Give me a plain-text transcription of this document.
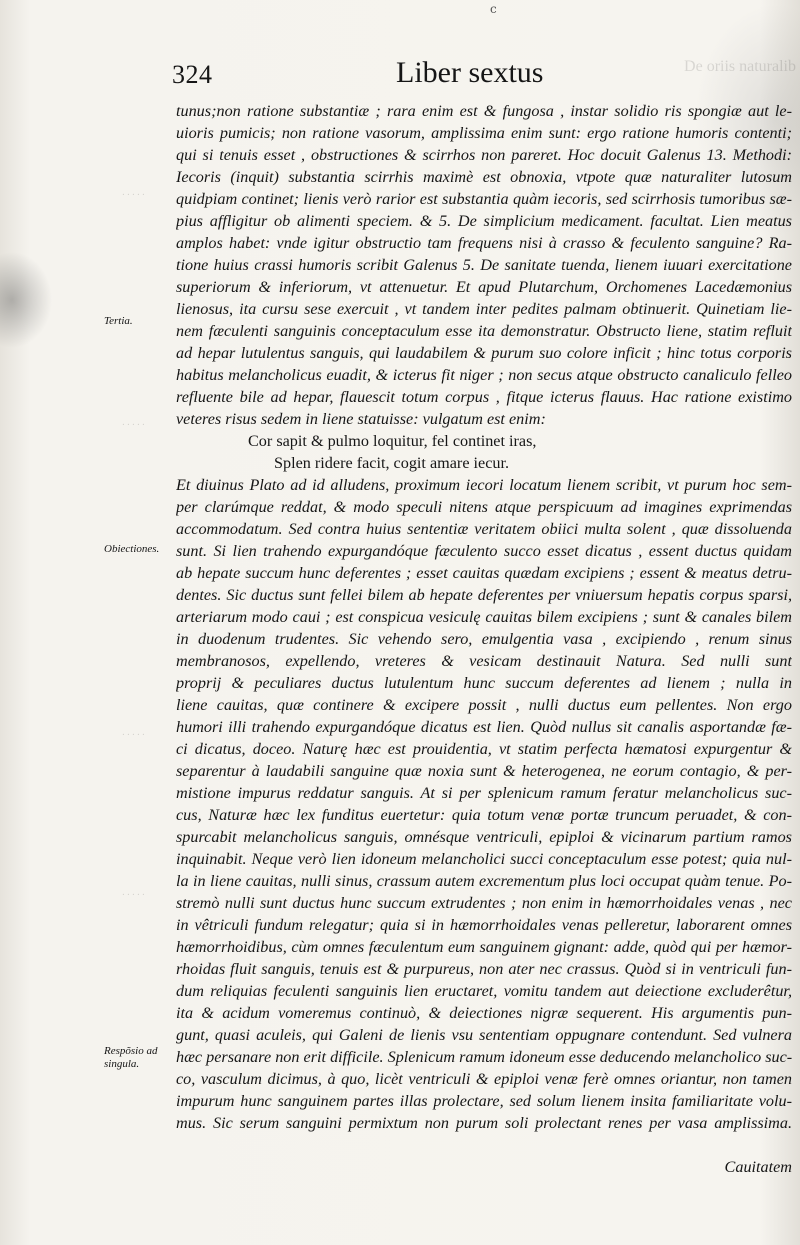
c
De oriis naturalib
324	Liber sextus
· · · · ·
· · · · ·
· · · · ·
· · · · ·
Tertia.
Obiectiones.
Respõsio ad singula.
tunus;non ratione substantiæ ; rara enim est & fungosa , instar solidio ris spongiæ aut le-
uioris pumicis; non ratione vasorum, amplissima enim sunt: ergo ratione humoris contenti;
qui si tenuis esset , obstructiones & scirrhos non pareret. Hoc docuit Galenus 13. Methodi:
Iecoris (inquit) substantia scirrhis maximè est obnoxia, vtpote quæ naturaliter lutosum
quidpiam continet; lienis verò rarior est substantia quàm iecoris, sed scirrhosis tumoribus sæ-
pius affligitur ob alimenti speciem. & 5. De simplicium medicament. facultat. Lien meatus
amplos habet: vnde igitur obstructio tam frequens nisi à crasso & feculento sanguine? Ra-
tione huius crassi humoris scribit Galenus 5. De sanitate tuenda, lienem iuuari exercitatione
superiorum & inferiorum, vt attenuetur. Et apud Plutarchum, Orchomenes Lacedæmonius
lienosus, ita cursu sese exercuit , vt tandem inter pedites palmam obtinuerit. Quinetiam lie-
nem fæculenti sanguinis conceptaculum esse ita demonstratur. Obstructo liene, statim refluit
ad hepar lutulentus sanguis, qui laudabilem & purum suo colore inficit ; hinc totus corporis
habitus melancholicus euadit, & icterus fit niger ; non secus atque obstructo canaliculo felleo
refluente bile ad hepar, flauescit totum corpus , fitque icterus flauus. Hac ratione existimo
veteres risus sedem in liene statuisse: vulgatum est enim:
Cor sapit & pulmo loquitur, fel continet iras,
Splen ridere facit, cogit amare iecur.
Et diuinus Plato ad id alludens, proximum iecori locatum lienem scribit, vt purum hoc sem-
per clarúmque reddat, & modo speculi nitens atque perspicuum ad imagines exprimendas
accommodatum. Sed contra huius sententiæ veritatem obiici multa solent , quæ dissoluenda
sunt. Si lien trahendo expurgandóque fæculento succo esset dicatus , essent ductus quidam
ab hepate succum hunc deferentes ; esset cauitas quædam excipiens ; essent & meatus detru-
dentes. Sic ductus sunt fellei bilem ab hepate deferentes per vniuersum hepatis corpus sparsi,
arteriarum modo caui ; est conspicua vesiculę cauitas bilem excipiens ; sunt & canales bilem
in duodenum trudentes. Sic vehendo sero, emulgentia vasa , excipiendo , renum sinus
membranosos, expellendo, vreteres & vesicam destinauit Natura. Sed nulli sunt
proprij & peculiares ductus lutulentum hunc succum deferentes ad lienem ; nulla in
liene cauitas, quæ continere & excipere possit , nulli ductus eum pellentes. Non ergo
humori illi trahendo expurgandóque dicatus est lien. Quòd nullus sit canalis asportandæ fæ-
ci dicatus, doceo. Naturę hæc est prouidentia, vt statim perfecta hæmatosi expurgentur &
separentur à laudabili sanguine quæ noxia sunt & heterogenea, ne eorum contagio, & per-
mistione impurus reddatur sanguis. At si per splenicum ramum feratur melancholicus suc-
cus, Naturæ hæc lex funditus euertetur: quia totum venæ portæ truncum peruadet, & con-
spurcabit melancholicus sanguis, omnésque ventriculi, epiploi & vicinarum partium ramos
inquinabit. Neque verò lien idoneum melancholici succi conceptaculum esse potest; quia nul-
la in liene cauitas, nulli sinus, crassum autem excrementum plus loci occupat quàm tenue. Po-
stremò nulli sunt ductus hunc succum extrudentes ; non enim in hæmorrhoidales venas , nec
in vêtriculi fundum relegatur; quia si in hæmorrhoidales venas pelleretur, laborarent omnes
hæmorrhoidibus, cùm omnes fæculentum eum sanguinem gignant: adde, quòd qui per hæmor-
rhoidas fluit sanguis, tenuis est & purpureus, non ater nec crassus. Quòd si in ventriculi fun-
dum reliquias feculenti sanguinis lien eructaret, vomitu tandem aut deiectione excluderêtur,
ita & acidum vomeremus continuò, & deiectiones nigræ sequerent. His argumentis pun-
gunt, quasi aculeis, qui Galeni de lienis vsu sententiam oppugnare contendunt. Sed vulnera
hæc persanare non erit difficile. Splenicum ramum idoneum esse deducendo melancholico suc-
co, vasculum dicimus, à quo, licèt ventriculi & epiploi venæ ferè omnes oriantur, non tamen
impurum hunc sanguinem partes illas prolectare, sed solum lienem insita familiaritate volu-
mus. Sic serum sanguini permixtum non purum soli prolectant renes per vasa amplissima.
Cauitatem
